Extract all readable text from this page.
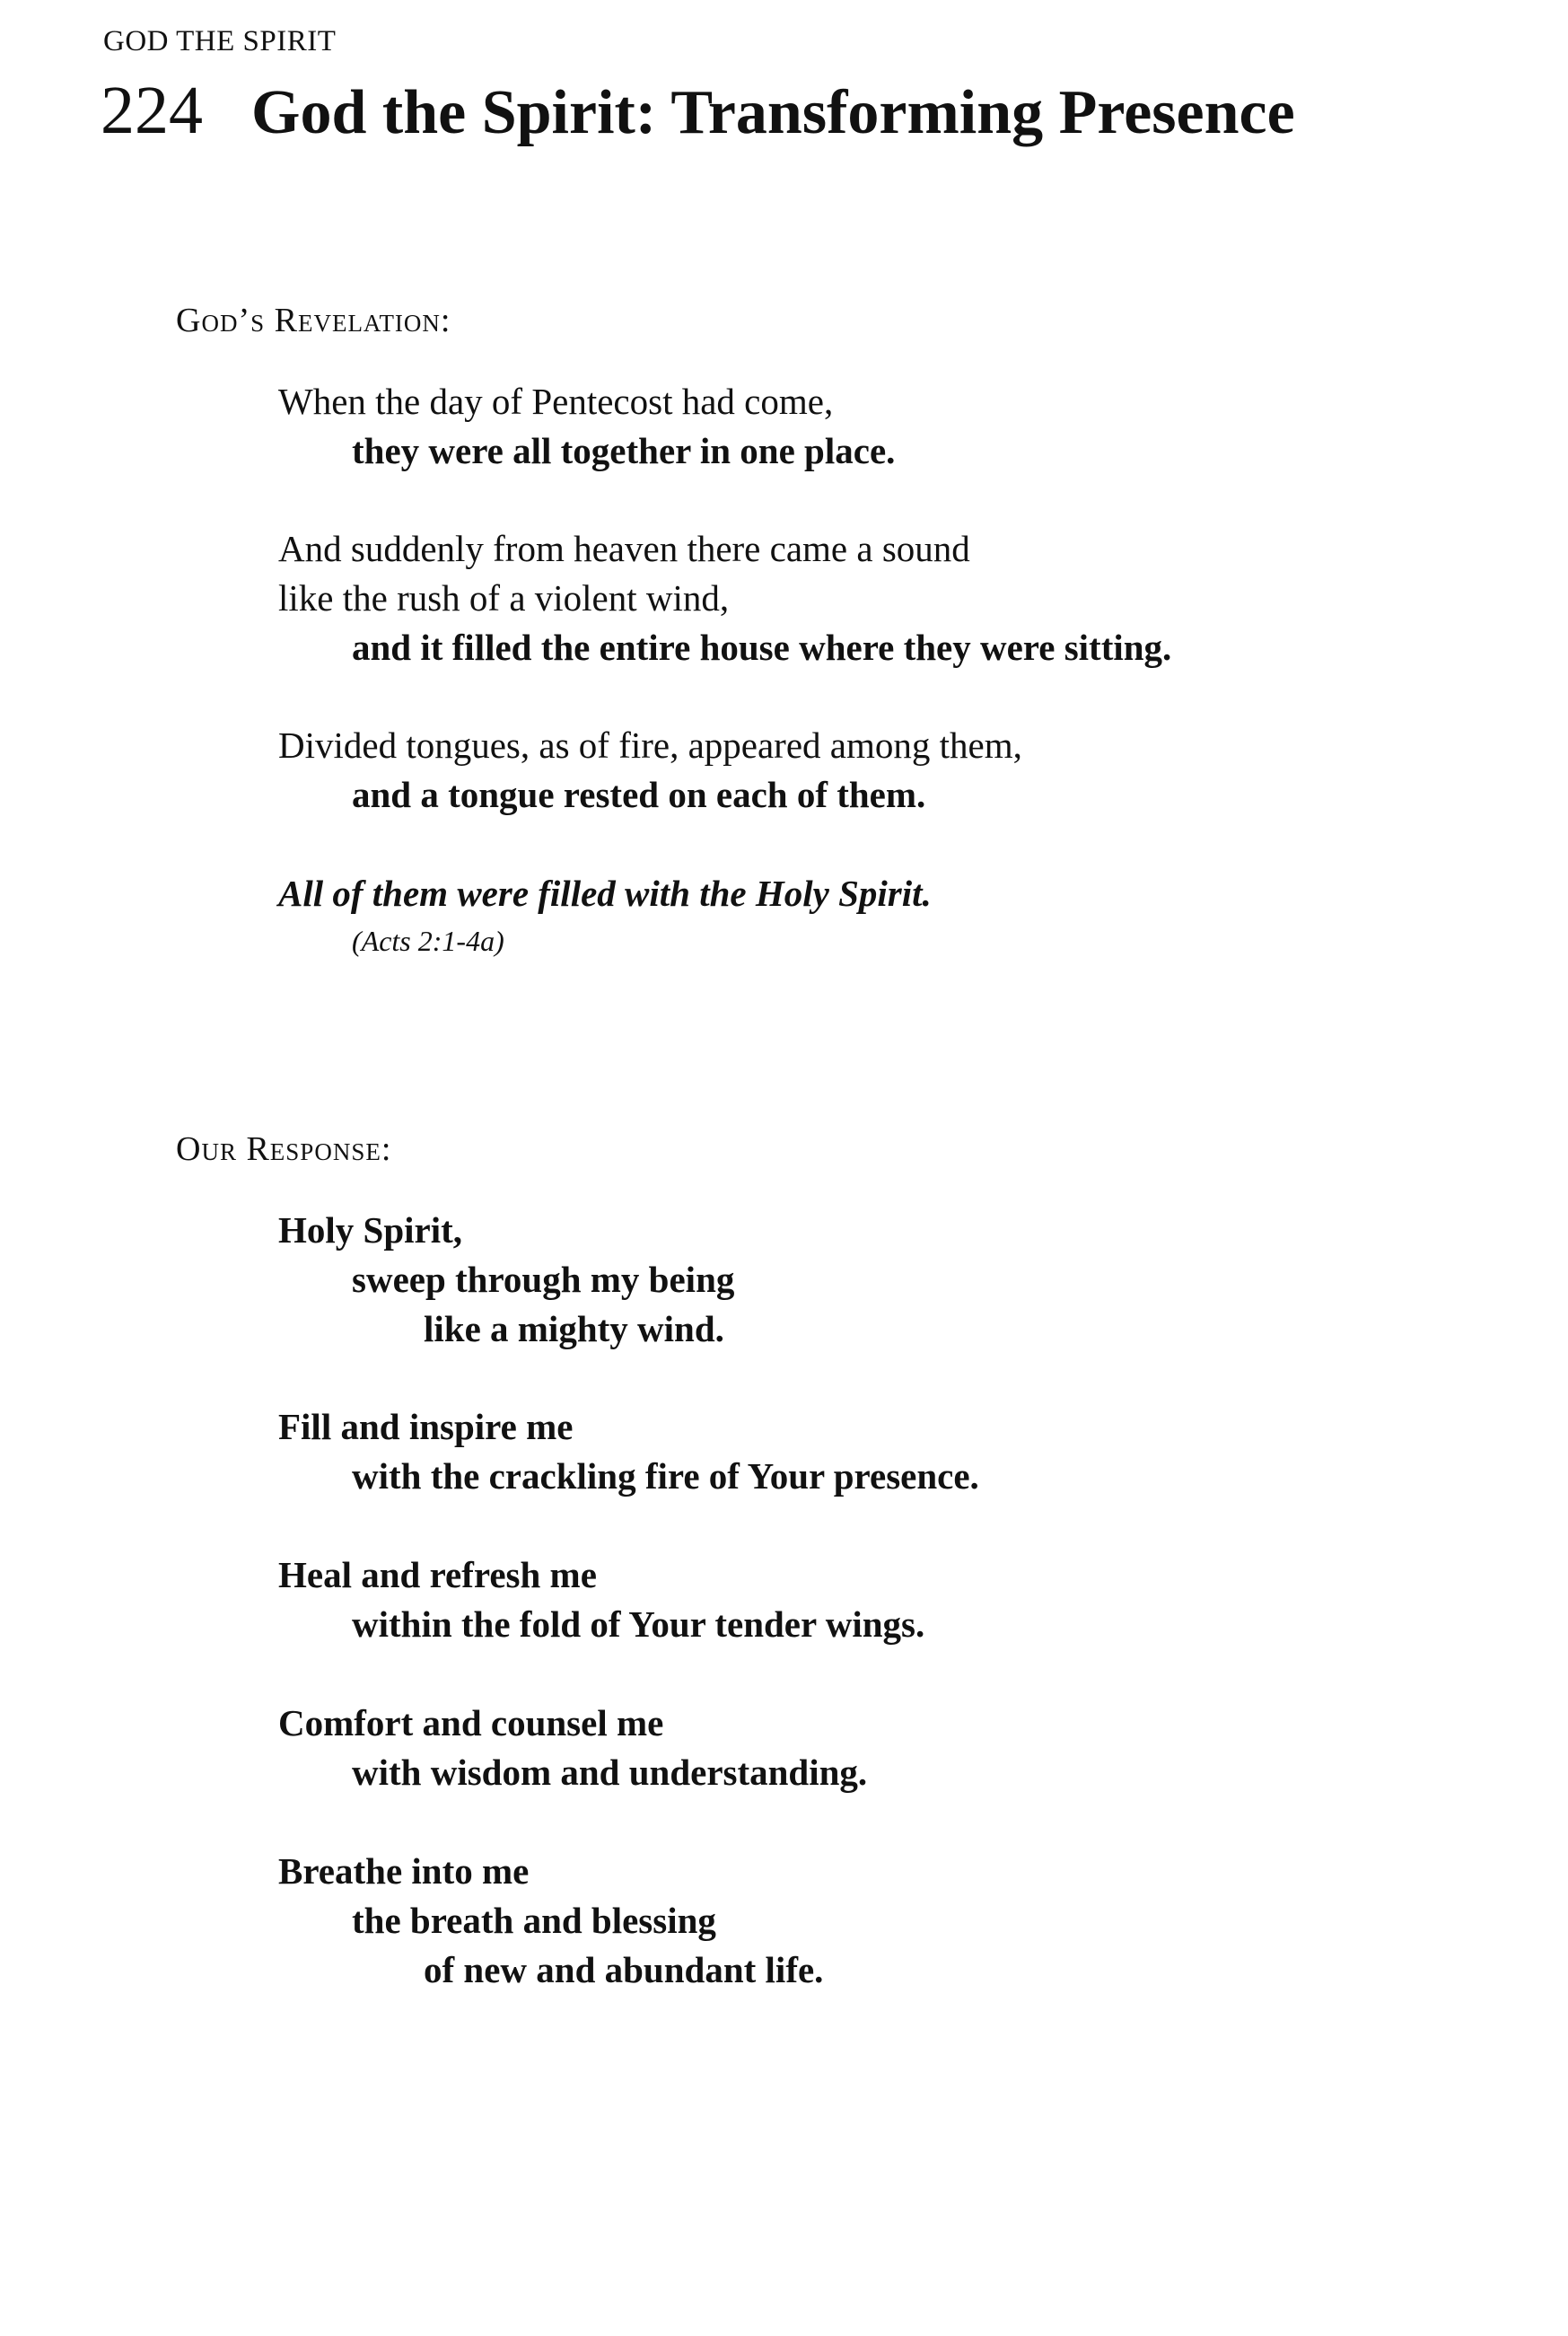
GOD THE SPIRIT
224 God the Spirit: Transforming Presence
God’s Revelation:
When the day of Pentecost had come,
they were all together in one place.
And suddenly from heaven there came a sound
like the rush of a violent wind,
and it filled the entire house where they were sitting.
Divided tongues, as of fire, appeared among them,
and a tongue rested on each of them.
All of them were filled with the Holy Spirit.
(Acts 2:1-4a)
Our Response:
Holy Spirit,
sweep through my being
like a mighty wind.
Fill and inspire me
with the crackling fire of Your presence.
Heal and refresh me
within the fold of Your tender wings.
Comfort and counsel me
with wisdom and understanding.
Breathe into me
the breath and blessing
of new and abundant life.
